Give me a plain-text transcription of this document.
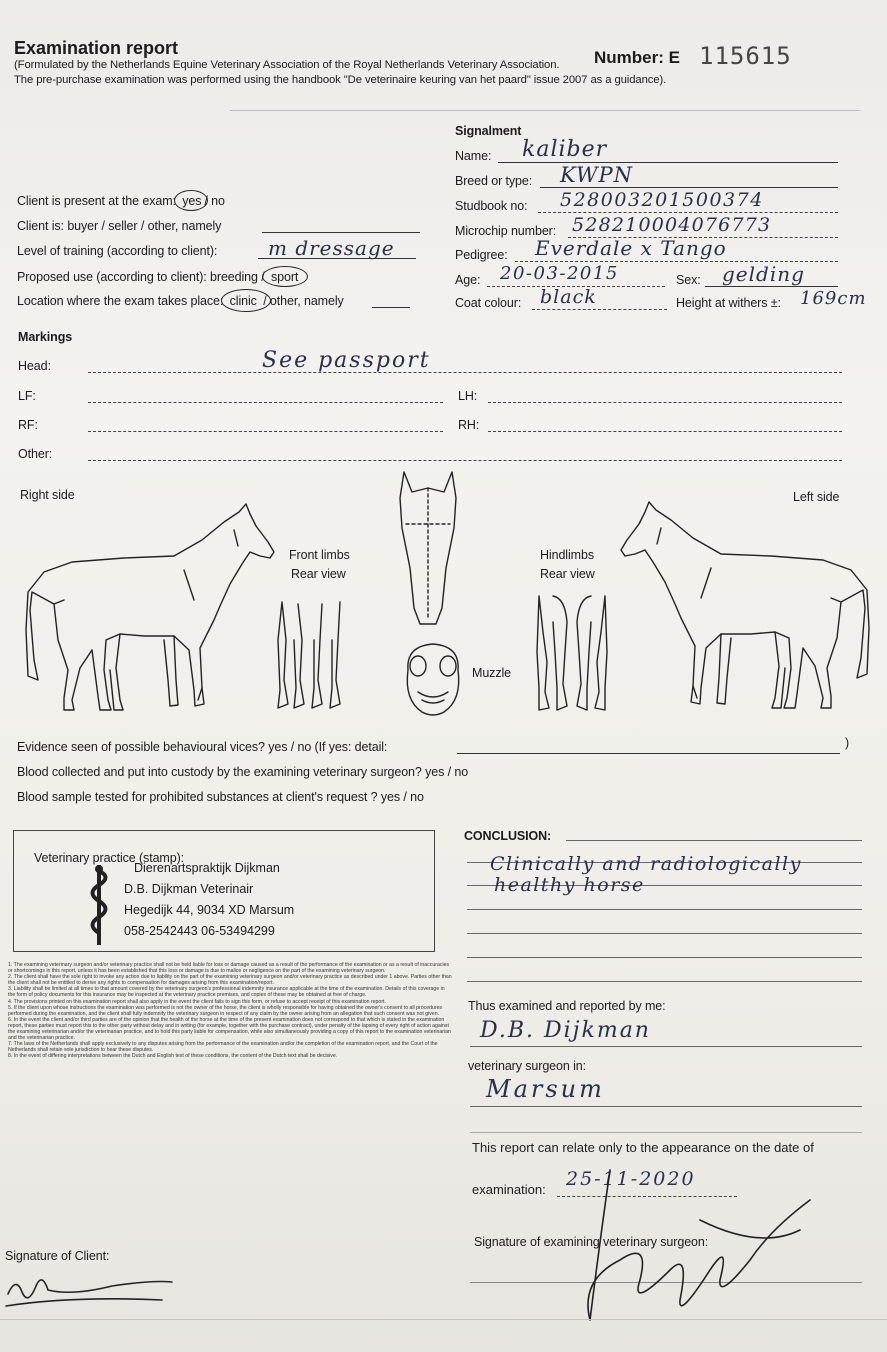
Examination report
(Formulated by the Netherlands Equine Veterinary Association of the Royal Netherlands Veterinary Association.
The pre-purchase examination was performed using the handbook "De veterinaire keuring van het paard" issue 2007 as a guidance).
Number: E 115615
Client is present at the exam: yes / no
Client is: buyer / seller / other, namely
Level of training (according to client):	m dressage
Proposed use (according to client): breeding / sport
Location where the exam takes place: clinic / other, namely
Signalment
Name: kaliber
Breed or type: KWPN
Studbook no: 528003201500374
Microchip number: 528210004076773
Pedigree: Everdale x Tango
Age: 20-03-2015	Sex: gelding
Coat colour: black	Height at withers ±: 169cm
Markings
Head:	See passport
LF:	LH:
RF:	RH:
Other:
Right side	Left side
Front limbs
Rear view
Hindlimbs
Rear view
Muzzle
Evidence seen of possible behavioural vices? yes / no (If yes: detail:	)
Blood collected and put into custody by the examining veterinary surgeon? yes / no
Blood sample tested for prohibited substances at client's request ? yes / no
Veterinary practice (stamp):
Dierenartspraktijk Dijkman
D.B. Dijkman Veterinair
Hegedijk 44, 9034 XD Marsum
058-2542443 06-53494299
CONCLUSION:
Clinically and radiologically
healthy horse
1. The examining veterinary surgeon and/or veterinary practice shall not be held liable for loss or damage caused as a result of the performance of the examination or as a result of inaccuracies or shortcomings in this report, unless it has been established that this loss or damage is due to malice or negligence on the part of the examining veterinary surgeon.
2. The client shall have the sole right to invoke any action due to liability on the part of the examining veterinary surgeon and/or veterinary practice as described under 1 above. Parties other than the client shall not be entitled to derive any rights to compensation for damages arising from this examination/report.
3. Liability shall be limited at all times to that amount covered by the veterinary surgeon's professional indemnity insurance applicable at the time of the examination. Details of this coverage in the form of policy documents for this insurance may be inspected at the veterinary practice premises, and copies of these may be obtained at free of charge.
4. The provisions printed on this examination report shall also apply in the event the client fails to sign this form, or refuse to accept receipt of this examination report.
5. If the client upon whose instructions the examination was performed is not the owner of the horse, the client is wholly responsible for having obtained the owner's consent to all procedures performed during the examination, and the client shall fully indemnify the veterinary surgeon in respect of any claim by the owner arising from an allegation that such consent was not given.
6. In the event the client and/or third parties are of the opinion that the health of the horse at the time of the present examination does not correspond to that which is stated in the examination report, these parties must report this to the other party without delay and in writing (for example, together with the purchase contract), under penalty of the lapsing of every right of action against the examining veterinarian and/or the veterinarian practice, and to hold this party liable for compensation, while also simultaneously providing a copy of this report to the examination veterinarian and the veterinarian practice.
7. The laws of the Netherlands shall apply exclusively to any disputes arising from the performance of the examination and/or the completion of the examination report, and the Court of the Netherlands shall retain sole jurisdiction to hear these disputes.
8. In the event of differing interpretations between the Dutch and English text of these conditions, the content of the Dutch text shall be decisive.
Thus examined and reported by me:
D.B. Dijkman
veterinary surgeon in:
Marsum
This report can relate only to the appearance on the date of
examination: 25-11-2020
Signature of examining veterinary surgeon:
Signature of Client:
